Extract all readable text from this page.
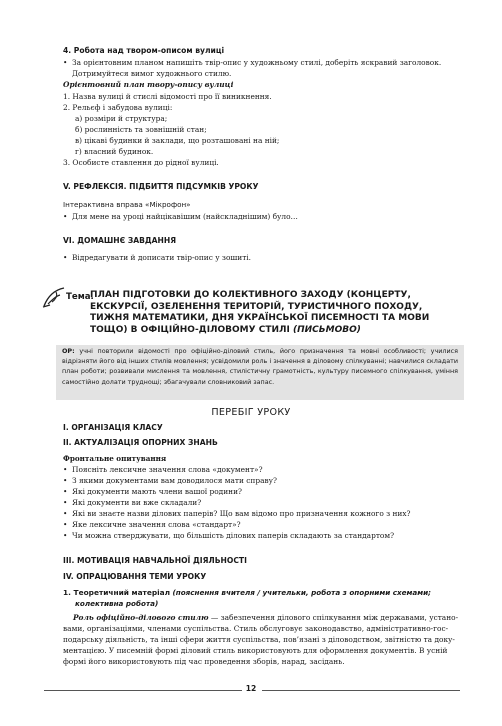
4. Робота над твором-описом вулиці
• За орієнтовним планом напишіть твір-опис у художньому стилі, доберіть яскравий заголовок. Дотримуйтеся вимог художнього стилю.
Орієнтовний план твору-опису вулиці
1. Назва вулиці й стислі відомості про її виникнення.
2. Рельєф і забудова вулиці:
а) розміри й структура;
б) рослинність та зовнішній стан;
в) цікаві будинки й заклади, що розташовані на ній;
г) власний будинок.
3. Особисте ставлення до рідної вулиці.
V. РЕФЛЕКСІЯ. ПІДБИТТЯ ПІДСУМКІВ УРОКУ
Інтерактивна вправа «Мікрофон»
• Для мене на уроці найцікавішим (найскладнішим) було…
VI. ДОМАШНЄ ЗАВДАННЯ
• Відредагувати й дописати твір-опис у зошиті.
Тема.
ПЛАН ПІДГОТОВКИ ДО КОЛЕКТИВНОГО ЗАХОДУ (КОНЦЕРТУ, ЕКСКУРСІЇ, ОЗЕЛЕНЕННЯ ТЕРИТОРІЙ, ТУРИСТИЧНОГО ПОХОДУ, ТИЖНЯ МАТЕМАТИКИ, ДНЯ УКРАЇНСЬКОЇ ПИСЕМНОСТІ ТА МОВИ ТОЩО) В ОФІЦІЙНО-ДІЛОВОМУ СТИЛІ (ПИСЬМОВО)
ОР: учні повторили відомості про офіційно-діловий стиль, його призначення та мовні особливості; училися відрізняти його від інших стилів мовлення; усвідомили роль і значення в діловому спілкуванні; навчилися складати план роботи; розвивали мислення та мовлення, стилістичну грамотність, культуру писемного спілкування, уміння самостійно долати труднощі; збагачували словниковий запас.
ПЕРЕБІГ УРОКУ
I. ОРГАНІЗАЦІЯ КЛАСУ
II. АКТУАЛІЗАЦІЯ ОПОРНИХ ЗНАНЬ
Фронтальне опитування
• Поясніть лексичне значення слова «документ»?
• З якими документами вам доводилося мати справу?
• Які документи мають члени вашої родини?
• Які документи ви вже складали?
• Які ви знаєте назви ділових паперів? Що вам відомо про призначення кожного з них?
• Яке лексичне значення слова «стандарт»?
• Чи можна стверджувати, що більшість ділових паперів складають за стандартом?
III. МОТИВАЦІЯ НАВЧАЛЬНОЇ ДІЯЛЬНОСТІ
IV. ОПРАЦЮВАННЯ ТЕМИ УРОКУ
1. Теоретичний матеріал (пояснення вчителя / учительки, робота з опорними схемами;
колективна робота)
Роль офіційно-ділового стилю — забезпечення ділового спілкування між державами, устано-
вами, організаціями, членами суспільства. Стиль обслуговує законодавство, адміністративно-гос-
подарську діяльність, та інші сфери життя суспільства, пов’язані з діловодством, звітністю та доку-
ментацією. У писемній формі діловий стиль використовують для оформлення документів. В усній
формі його використовують під час проведення зборів, нарад, засідань.
12
